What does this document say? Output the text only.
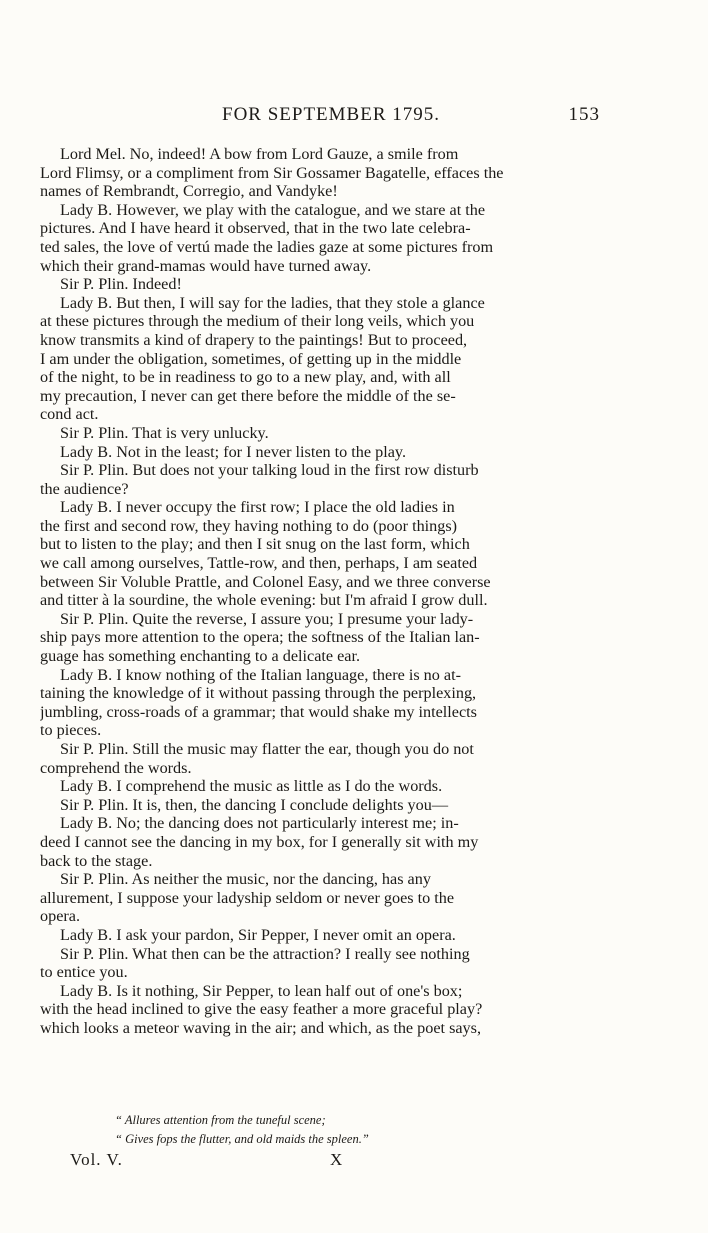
FOR SEPTEMBER 1795.	153
Lord Mel. No, indeed! A bow from Lord Gauze, a smile from
Lord Flimsy, or a compliment from Sir Gossamer Bagatelle, effaces the
names of Rembrandt, Corregio, and Vandyke!
Lady B. However, we play with the catalogue, and we stare at the
pictures. And I have heard it observed, that in the two late celebra-
ted sales, the love of vertú made the ladies gaze at some pictures from
which their grand-mamas would have turned away.
Sir P. Plin. Indeed!
Lady B. But then, I will say for the ladies, that they stole a glance
at these pictures through the medium of their long veils, which you
know transmits a kind of drapery to the paintings! But to proceed,
I am under the obligation, sometimes, of getting up in the middle
of the night, to be in readiness to go to a new play, and, with all
my precaution, I never can get there before the middle of the se-
cond act.
Sir P. Plin. That is very unlucky.
Lady B. Not in the least; for I never listen to the play.
Sir P. Plin. But does not your talking loud in the first row disturb
the audience?
Lady B. I never occupy the first row; I place the old ladies in
the first and second row, they having nothing to do (poor things)
but to listen to the play; and then I sit snug on the last form, which
we call among ourselves, Tattle-row, and then, perhaps, I am seated
between Sir Voluble Prattle, and Colonel Easy, and we three converse
and titter à la sourdine, the whole evening: but I'm afraid I grow dull.
Sir P. Plin. Quite the reverse, I assure you; I presume your lady-
ship pays more attention to the opera; the softness of the Italian lan-
guage has something enchanting to a delicate ear.
Lady B. I know nothing of the Italian language, there is no at-
taining the knowledge of it without passing through the perplexing,
jumbling, cross-roads of a grammar; that would shake my intellects
to pieces.
Sir P. Plin. Still the music may flatter the ear, though you do not
comprehend the words.
Lady B. I comprehend the music as little as I do the words.
Sir P. Plin. It is, then, the dancing I conclude delights you—
Lady B. No; the dancing does not particularly interest me; in-
deed I cannot see the dancing in my box, for I generally sit with my
back to the stage.
Sir P. Plin. As neither the music, nor the dancing, has any
allurement, I suppose your ladyship seldom or never goes to the
opera.
Lady B. I ask your pardon, Sir Pepper, I never omit an opera.
Sir P. Plin. What then can be the attraction? I really see nothing
to entice you.
Lady B. Is it nothing, Sir Pepper, to lean half out of one's box;
with the head inclined to give the easy feather a more graceful play?
which looks a meteor waving in the air; and which, as the poet says,
“ Allures attention from the tuneful scene;
“ Gives fops the flutter, and old maids the spleen.”
Vol. V.	X
